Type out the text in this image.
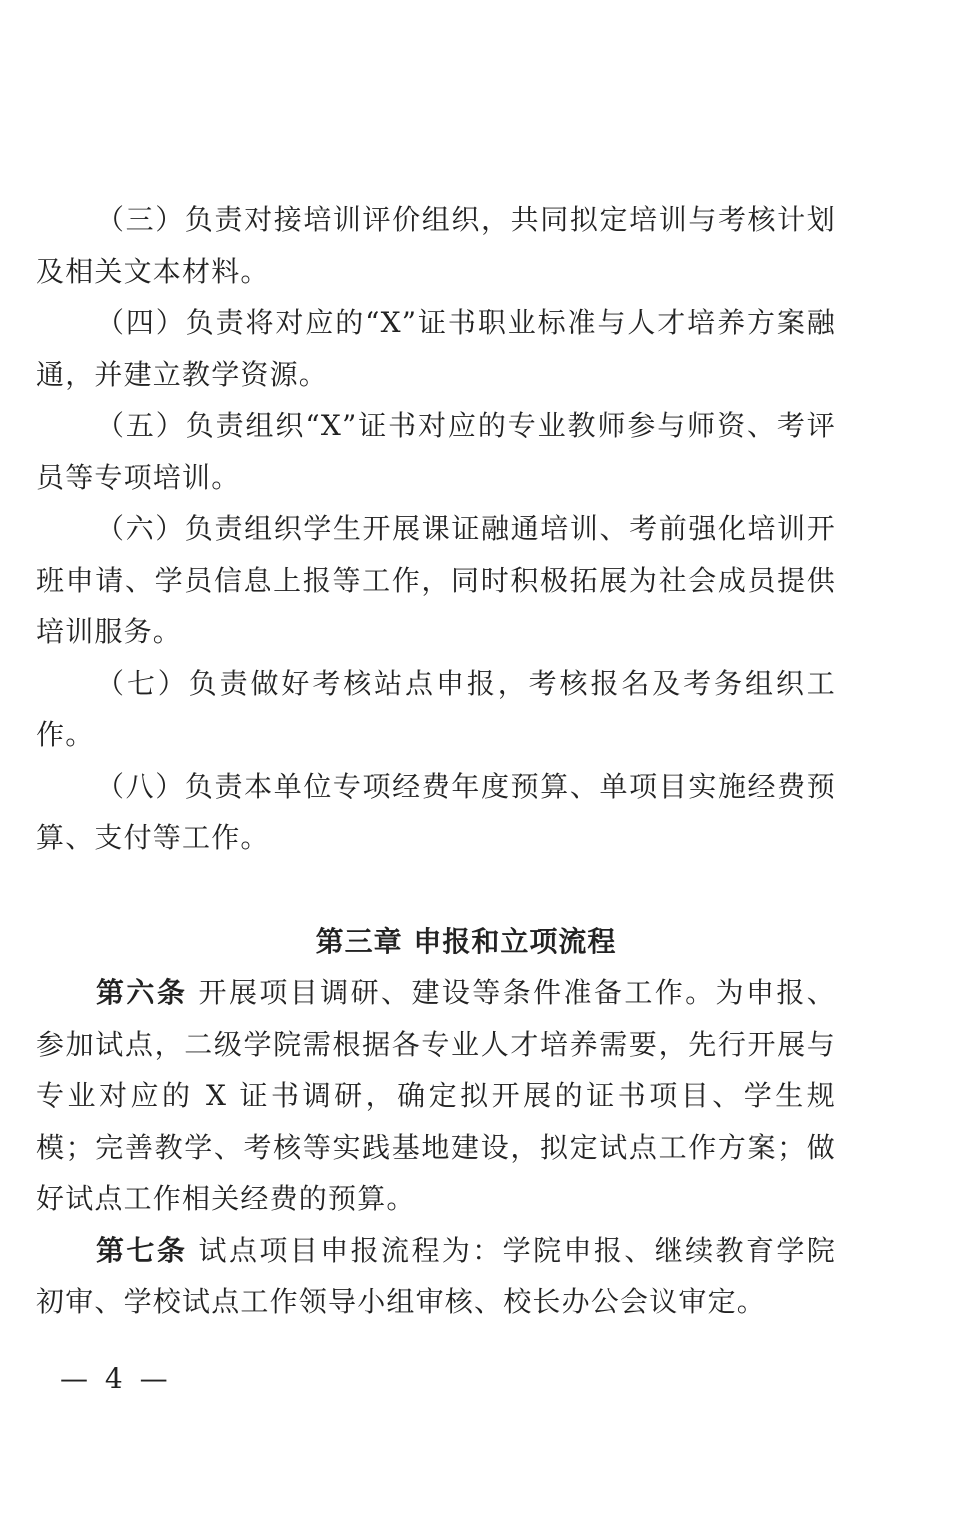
（三）负责对接培训评价组织，共同拟定培训与考核计划及相关文本材料。

（四）负责将对应的“X”证书职业标准与人才培养方案融通，并建立教学资源。

（五）负责组织“X”证书对应的专业教师参与师资、考评员等专项培训。

（六）负责组织学生开展课证融通培训、考前强化培训开班申请、学员信息上报等工作，同时积极拓展为社会成员提供培训服务。

（七）负责做好考核站点申报，考核报名及考务组织工作。

（八）负责本单位专项经费年度预算、单项目实施经费预算、支付等工作。

第三章 申报和立项流程

第六条 开展项目调研、建设等条件准备工作。为申报、参加试点，二级学院需根据各专业人才培养需要，先行开展与专业对应的 X 证书调研，确定拟开展的证书项目、学生规模；完善教学、考核等实践基地建设，拟定试点工作方案；做好试点工作相关经费的预算。

第七条 试点项目申报流程为：学院申报、继续教育学院初审、学校试点工作领导小组审核、校长办公会议审定。

— 4 —
